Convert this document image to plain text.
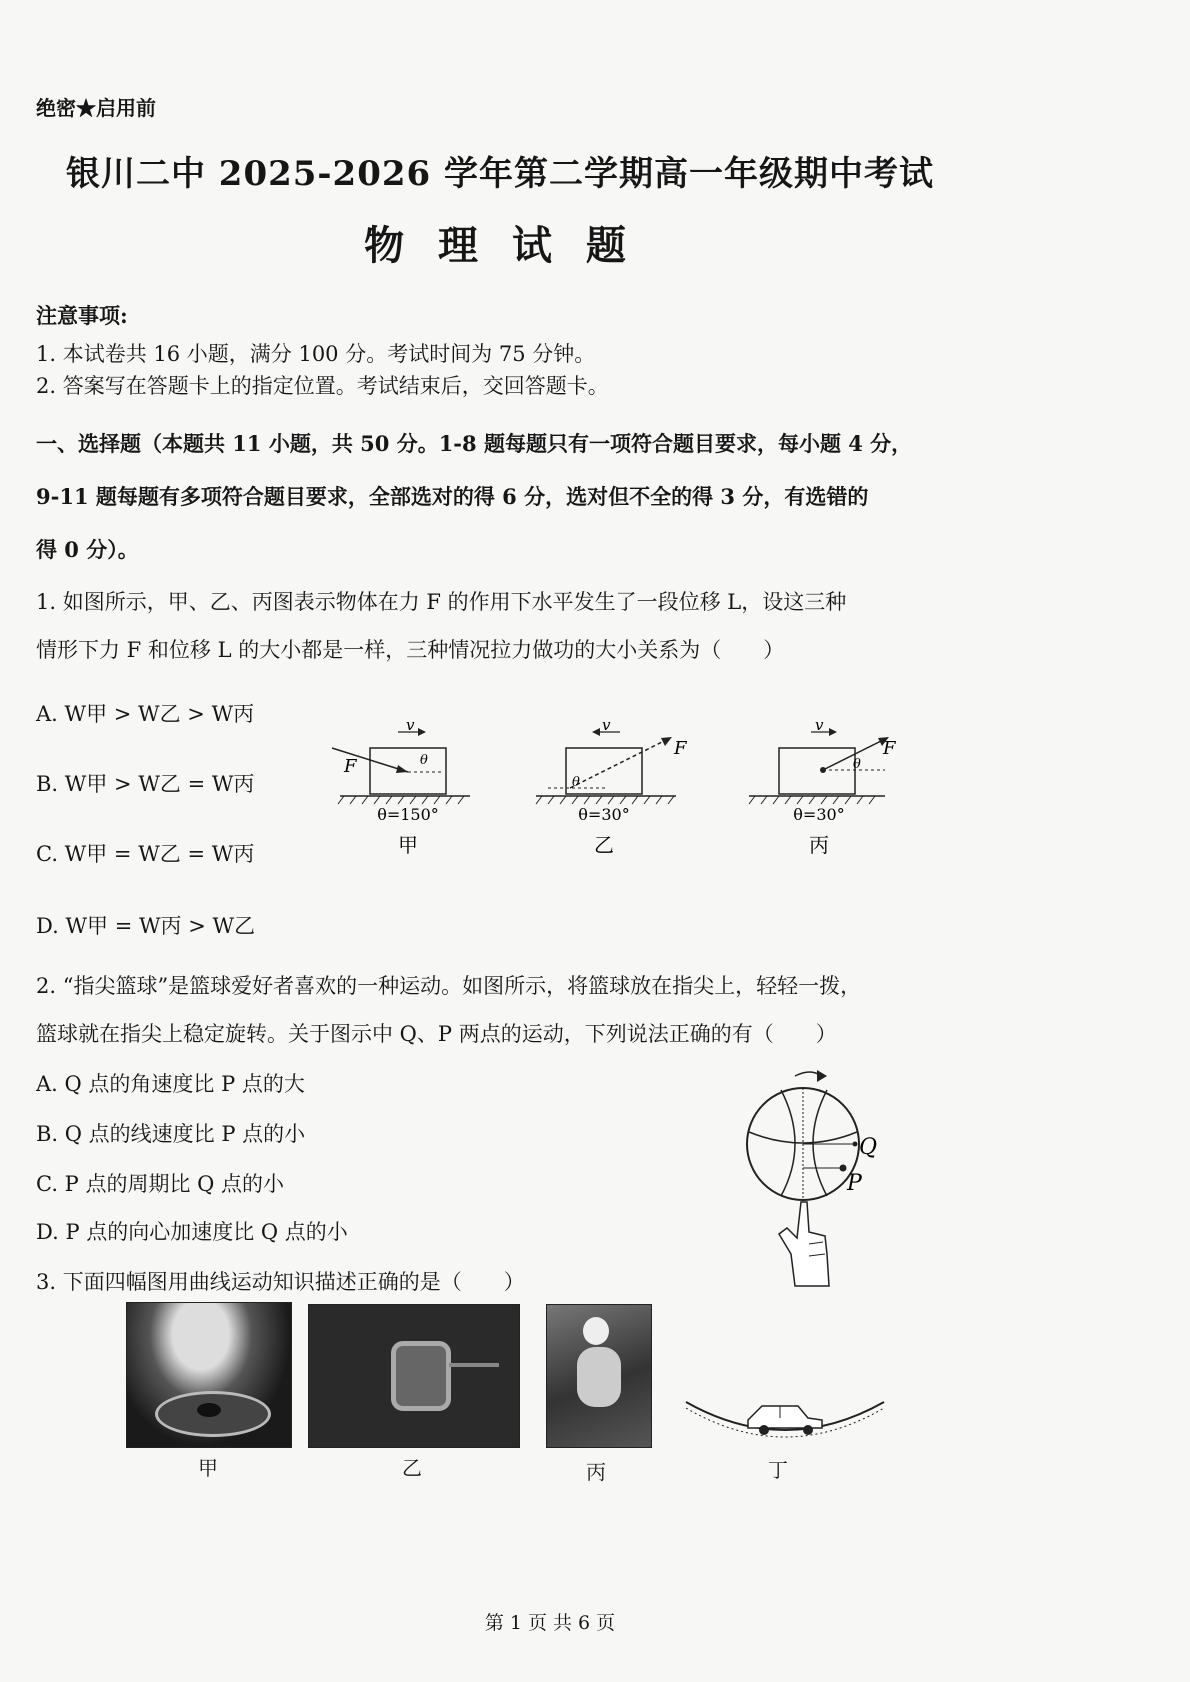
绝密★启用前
银川二中 2025-2026 学年第二学期高一年级期中考试
物 理 试 题
注意事项:
1. 本试卷共 16 小题，满分 100 分。考试时间为 75 分钟。
2. 答案写在答题卡上的指定位置。考试结束后，交回答题卡。
一、选择题（本题共 11 小题，共 50 分。1-8 题每题只有一项符合题目要求，每小题 4 分，
9-11 题每题有多项符合题目要求，全部选对的得 6 分，选对但不全的得 3 分，有选错的
得 0 分）。
1. 如图所示，甲、乙、丙图表示物体在力 F 的作用下水平发生了一段位移 L，设这三种
情形下力 F 和位移 L 的大小都是一样，三种情况拉力做功的大小关系为（　　）
A. W甲 > W乙 > W丙
B. W甲 > W乙 = W丙
C. W甲 = W乙 = W丙
D. W甲 = W丙 > W乙
v
F	θ
θ=150°
甲
v
F
θ
θ=30°
乙
v
F
θ
θ=30°
丙
2. “指尖篮球”是篮球爱好者喜欢的一种运动。如图所示，将篮球放在指尖上，轻轻一拨，
篮球就在指尖上稳定旋转。关于图示中 Q、P 两点的运动，下列说法正确的有（　　）
A. Q 点的角速度比 P 点的大
B. Q 点的线速度比 P 点的小
C. P 点的周期比 Q 点的小
D. P 点的向心加速度比 Q 点的小
Q
P
3. 下面四幅图用曲线运动知识描述正确的是（　　）
甲	乙	丙	丁
第 1 页 共 6 页
